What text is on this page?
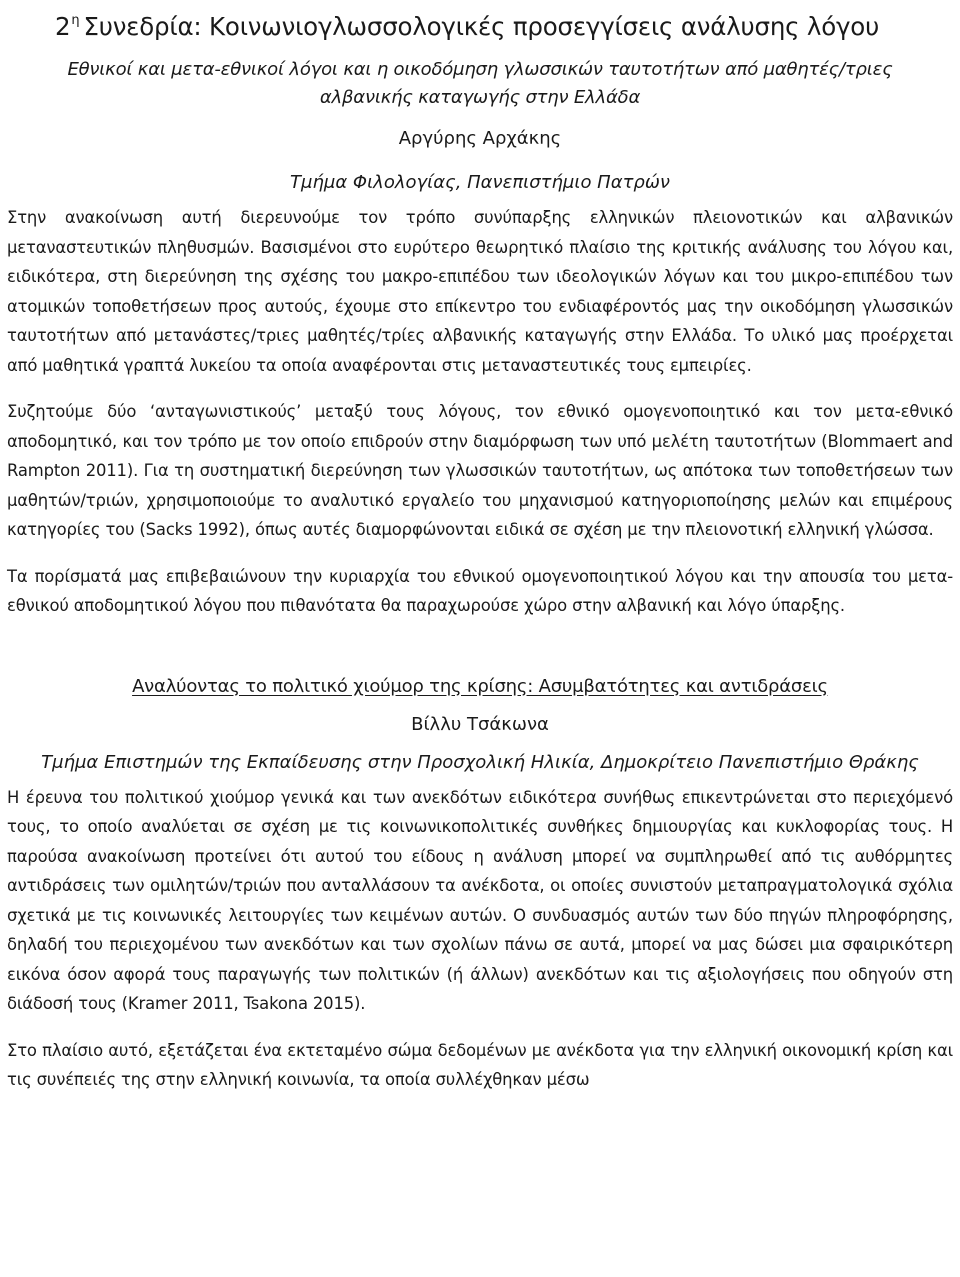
$2^\eta$ Συνεδρία: Κοινωνιογλωσσολογικές προσεγγίσεις ανάλυσης λόγου
Εθνικοί και μετα-εθνικοί λόγοι και η οικοδόμηση γλωσσικών ταυτοτήτων από μαθητές/τριες
αλβανικής καταγωγής στην Ελλάδα
Αργύρης Αρχάκης
Τμήμα Φιλολογίας, Πανεπιστήμιο Πατρών

Στην ανακοίνωση αυτή διερευνούμε τον τρόπο συνύπαρξης ελληνικών πλειονοτικών και αλβανικών μεταναστευτικών πληθυσμών. Βασισμένοι στο ευρύτερο θεωρητικό πλαίσιο της κριτικής ανάλυσης του λόγου και, ειδικότερα, στη διερεύνηση της σχέσης του μακρο-επιπέδου των ιδεολογικών λόγων και του μικρο-επιπέδου των ατομικών τοποθετήσεων προς αυτούς, έχουμε στο επίκεντρο του ενδιαφέροντός μας την οικοδόμηση γλωσσικών ταυτοτήτων από μετανάστες/τριες μαθητές/τρίες αλβανικής καταγωγής στην Ελλάδα. Το υλικό μας προέρχεται από μαθητικά γραπτά λυκείου τα οποία αναφέρονται στις μεταναστευτικές τους εμπειρίες.

Συζητούμε δύο ‘ανταγωνιστικούς’ μεταξύ τους λόγους, τον εθνικό ομογενοποιητικό και τον μετα-εθνικό αποδομητικό, και τον τρόπο με τον οποίο επιδρούν στην διαμόρφωση των υπό μελέτη ταυτοτήτων (Blommaert and Rampton 2011). Για τη συστηματική διερεύνηση των γλωσσικών ταυτοτήτων, ως απότοκα των τοποθετήσεων των μαθητών/τριών, χρησιμοποιούμε το αναλυτικό εργαλείο του μηχανισμού κατηγοριοποίησης μελών και επιμέρους κατηγορίες του (Sacks 1992), όπως αυτές διαμορφώνονται ειδικά σε σχέση με την πλειονοτική ελληνική γλώσσα.

Τα πορίσματά μας επιβεβαιώνουν την κυριαρχία του εθνικού ομογενοποιητικού λόγου και την απουσία του μετα-εθνικού αποδομητικού λόγου που πιθανότατα θα παραχωρούσε χώρο στην αλβανική και λόγο ύπαρξης.

Αναλύοντας το πολιτικό χιούμορ της κρίσης: Ασυμβατότητες και αντιδράσεις
Βίλλυ Τσάκωνα
Τμήμα Επιστημών της Εκπαίδευσης στην Προσχολική Ηλικία, Δημοκρίτειο Πανεπιστήμιο Θράκης

Η έρευνα του πολιτικού χιούμορ γενικά και των ανεκδότων ειδικότερα συνήθως επικεντρώνεται στο περιεχόμενό τους, το οποίο αναλύεται σε σχέση με τις κοινωνικοπολιτικές συνθήκες δημιουργίας και κυκλοφορίας τους. Η παρούσα ανακοίνωση προτείνει ότι αυτού του είδους η ανάλυση μπορεί να συμπληρωθεί από τις αυθόρμητες αντιδράσεις των ομιλητών/τριών που ανταλλάσουν τα ανέκδοτα, οι οποίες συνιστούν μεταπραγματολογικά σχόλια σχετικά με τις κοινωνικές λειτουργίες των κειμένων αυτών. Ο συνδυασμός αυτών των δύο πηγών πληροφόρησης, δηλαδή του περιεχομένου των ανεκδότων και των σχολίων πάνω σε αυτά, μπορεί να μας δώσει μια σφαιρικότερη εικόνα όσον αφορά τους παραγωγής των πολιτικών (ή άλλων) ανεκδότων και τις αξιολογήσεις που οδηγούν στη διάδοσή τους (Kramer 2011, Tsakona 2015).

Στο πλαίσιο αυτό, εξετάζεται ένα εκτεταμένο σώμα δεδομένων με ανέκδοτα για την ελληνική οικονομική κρίση και τις συνέπειές της στην ελληνική κοινωνία, τα οποία συλλέχθηκαν μέσω
